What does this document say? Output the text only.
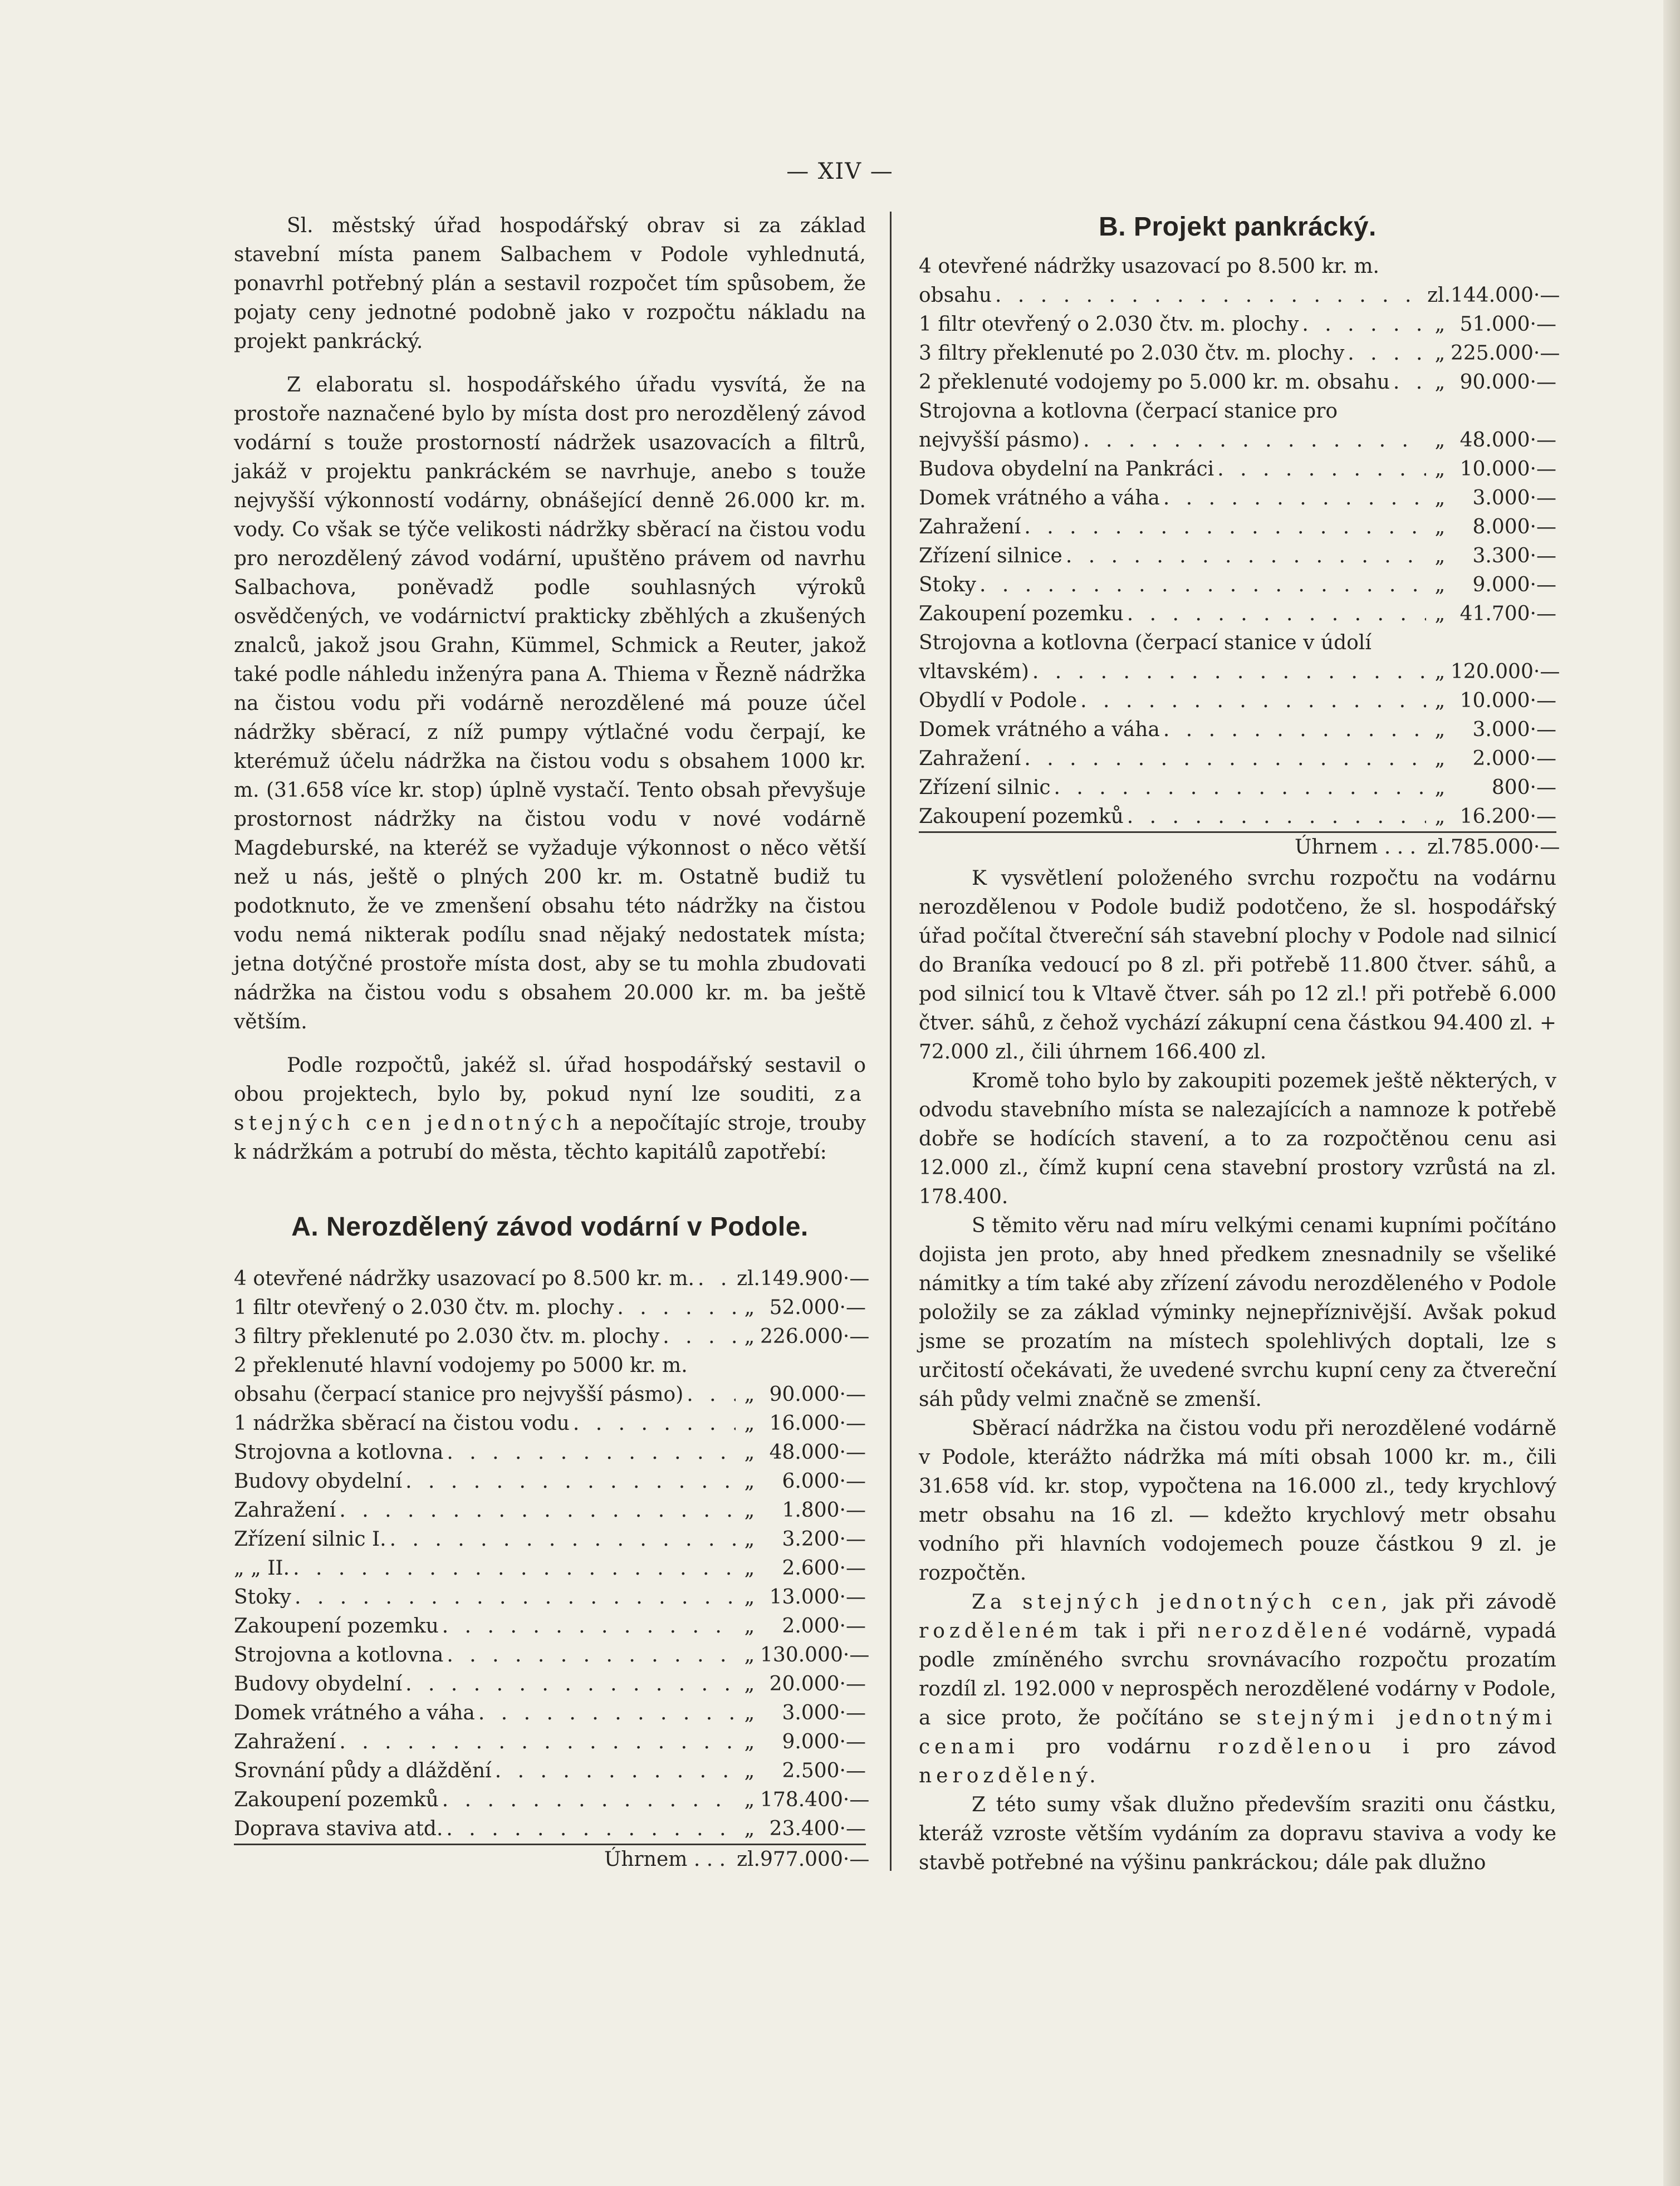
— XIV —

Sl. městský úřad hospodářský obrav si za základ stavební místa panem Salbachem v Podole vyhlednutá, ponavrhl potřebný plán a sestavil rozpočet tím spůsobem, že pojaty ceny jednotné podobně jako v rozpočtu nákladu na projekt pankrácký.

Z elaboratu sl. hospodářského úřadu vysvítá, že na prostoře naznačené bylo by místa dost pro nerozdělený závod vodární s touže prostorností nádržek usazovacích a filtrů, jakáž v projektu pankráckém se navrhuje, anebo s touže nejvyšší výkonností vodárny, obnášející denně 26.000 kr. m. vody. Co však se týče velikosti nádržky sběrací na čistou vodu pro nerozdělený závod vodární, upuštěno právem od navrhu Salbachova, poněvadž podle souhlasných výroků osvědčených, ve vodárnictví prakticky zběhlých a zkušených znalců, jakož jsou Grahn, Kümmel, Schmick a Reuter, jakož také podle náhledu inženýra pana A. Thiema v Řezně nádržka na čistou vodu při vodárně nerozdělené má pouze účel nádržky sběrací, z níž pumpy výtlačné vodu čerpají, ke kterémuž účelu nádržka na čistou vodu s obsahem 1000 kr. m. (31.658 více kr. stop) úplně vystačí. Tento obsah převyšuje prostornost nádržky na čistou vodu v nové vodárně Magdeburské, na kteréž se vyžaduje výkonnost o něco větší než u nás, ještě o plných 200 kr. m. Ostatně budiž tu podotknuto, že ve zmenšení obsahu této nádržky na čistou vodu nemá nikterak podílu snad nějaký nedostatek místa; jetna dotýčné prostoře místa dost, aby se tu mohla zbudovati nádržka na čistou vodu s obsahem 20.000 kr. m. ba ještě větším.

Podle rozpočtů, jakéž sl. úřad hospodářský sestavil o obou projektech, bylo by, pokud nyní lze souditi, za stejných cen jednotných a nepočítajíc stroje, trouby k nádržkám a potrubí do města, těchto kapitálů zapotřebí:

A. Nerozdělený závod vodární v Podole.
4 otevřené nádržky usazovací po 8.500 kr. m. . . . zl. 149.900·—
1 filtr otevřený o 2.030 čtv. m. plochy . . .	„ 52.000·—
3 filtry překlenuté po 2.030 čtv. m. plochy . . .	„ 226.000·—
2 překlenuté hlavní vodojemy po 5000 kr. m.
obsahu (čerpací stanice pro nejvyšší pásmo) . . .	„ 90.000·—
1 nádržka sběrací na čistou vodu . . .	„ 16.000·—
Strojovna a kotlovna . . .	„ 48.000·—
Budovy obydelní . . .	„	6.000·—
Zahražení . . .	„	1.800·—
Zřízení silnic I. . . .	„	3.200·—
„ „ II. . . .	„	2.600·—
Stoky . . .	„ 13.000·—
Zakoupení pozemku . . .	„	2.000·—
Strojovna a kotlovna . . .	„ 130.000·—
Budovy obydelní . . .	„ 20.000·—
Domek vrátného a váha . . .	„	3.000·—
Zahražení . . .	„	9.000·—
Srovnání půdy a dláždění . . .	„	2.500·—
Zakoupení pozemků . . .	„ 178.400·—
Doprava staviva atd. . . .	„ 23.400·—
Úhrnem . . . zl. 977.000·—
B. Projekt pankrácký.
4 otevřené nádržky usazovací po 8.500 kr. m.
obsahu . . .	zl. 144.000·—
1 filtr otevřený o 2.030 čtv. m. plochy . . .	„ 51.000·—
3 filtry překlenuté po 2.030 čtv. m. plochy . . .	„ 225.000·—
2 překlenuté vodojemy po 5.000 kr. m. obsahu . . . „ 90.000·—
Strojovna a kotlovna (čerpací stanice pro
nejvyšší pásmo) . . .	„ 48.000·—
Budova obydelní na Pankráci . . .	„ 10.000·—
Domek vrátného a váha . . .	„	3.000·—
Zahražení . . .	„	8.000·—
Zřízení silnice . . .	„	3.300·—
Stoky . . .	„	9.000·—
Zakoupení pozemku . . .	„ 41.700·—
Strojovna a kotlovna (čerpací stanice v údolí
vltavském) . . .	„ 120.000·—
Obydlí v Podole . . .	„ 10.000·—
Domek vrátného a váha . . .	„	3.000·—
Zahražení . . .	„	2.000·—
Zřízení silnic . . .	„	800·—
Zakoupení pozemků . . .	„ 16.200·—
Úhrnem . . . zl. 785.000·—

K vysvětlení položeného svrchu rozpočtu na vodárnu nerozdělenou v Podole budiž podotčeno, že sl. hospodářský úřad počítal čtvereční sáh stavební plochy v Podole nad silnicí do Braníka vedoucí po 8 zl. při potřebě 11.800 čtver. sáhů, a pod silnicí tou k Vltavě čtver. sáh po 12 zl.! při potřebě 6.000 čtver. sáhů, z čehož vychází zákupní cena částkou 94.400 zl. + 72.000 zl., čili úhrnem 166.400 zl.

Kromě toho bylo by zakoupiti pozemek ještě některých, v odvodu stavebního místa se nalezajících a namnoze k potřebě dobře se hodících stavení, a to za rozpočtěnou cenu asi 12.000 zl., čímž kupní cena stavební prostory vzrůstá na zl. 178.400.

S těmito věru nad míru velkými cenami kupními počítáno dojista jen proto, aby hned předkem znesnadnily se všeliké námitky a tím také aby zřízení závodu nerozděleného v Podole položily se za základ výminky nejnepříznivější. Avšak pokud jsme se prozatím na místech spolehlivých doptali, lze s určitostí očekávati, že uvedené svrchu kupní ceny za čtvereční sáh půdy velmi značně se zmenší.

Sběrací nádržka na čistou vodu při nerozdělené vodárně v Podole, kterážto nádržka má míti obsah 1000 kr. m., čili 31.658 víd. kr. stop, vypočtena na 16.000 zl., tedy krychlový metr obsahu na 16 zl. — kdežto krychlový metr obsahu vodního při hlavních vodojemech pouze částkou 9 zl. je rozpočtěn.

Za stejných jednotných cen, jak při závodě rozděleném tak i při nerozdělené vodárně, vypadá podle zmíněného svrchu srovnávacího rozpočtu prozatím rozdíl zl. 192.000 v neprospěch nerozdělené vodárny v Podole, a sice proto, že počítáno se stejnými jednotnými cenami pro vodárnu rozdělenou i pro závod nerozdělený.

Z této sumy však dlužno především sraziti onu částku, kteráž vzroste větším vydáním za dopravu staviva a vody ke stavbě potřebné na výšinu pankráckou; dále pak dlužno
